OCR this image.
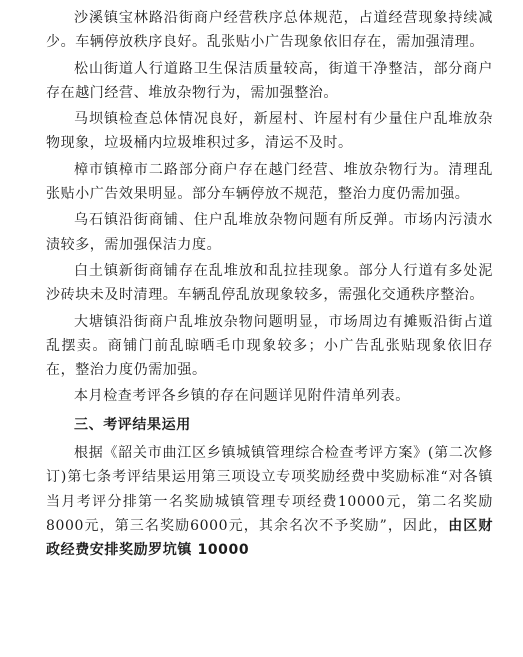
沙溪镇宝林路沿街商户经营秩序总体规范，占道经营现象持续减少。车辆停放秩序良好。乱张贴小广告现象依旧存在，需加强清理。

松山街道人行道路卫生保洁质量较高，街道干净整洁，部分商户存在越门经营、堆放杂物行为，需加强整治。

马坝镇检查总体情况良好，新屋村、许屋村有少量住户乱堆放杂物现象，垃圾桶内垃圾堆积过多，清运不及时。

樟市镇樟市二路部分商户存在越门经营、堆放杂物行为。清理乱张贴小广告效果明显。部分车辆停放不规范，整治力度仍需加强。

乌石镇沿街商铺、住户乱堆放杂物问题有所反弹。市场内污渍水渍较多，需加强保洁力度。

白土镇新街商铺存在乱堆放和乱拉挂现象。部分人行道有多处泥沙砖块未及时清理。车辆乱停乱放现象较多，需强化交通秩序整治。

大塘镇沿街商户乱堆放杂物问题明显，市场周边有摊贩沿街占道乱摆卖。商铺门前乱晾晒毛巾现象较多；小广告乱张贴现象依旧存在，整治力度仍需加强。

本月检查考评各乡镇的存在问题详见附件清单列表。

三、考评结果运用

根据《韶关市曲江区乡镇城镇管理综合检查考评方案》(第二次修订)第七条考评结果运用第三项设立专项奖励经费中奖励标准“对各镇当月考评分排第一名奖励城镇管理专项经费10000元，第二名奖励8000元，第三名奖励6000元，其余名次不予奖励”，因此，由区财政经费安排奖励罗坑镇 10000
